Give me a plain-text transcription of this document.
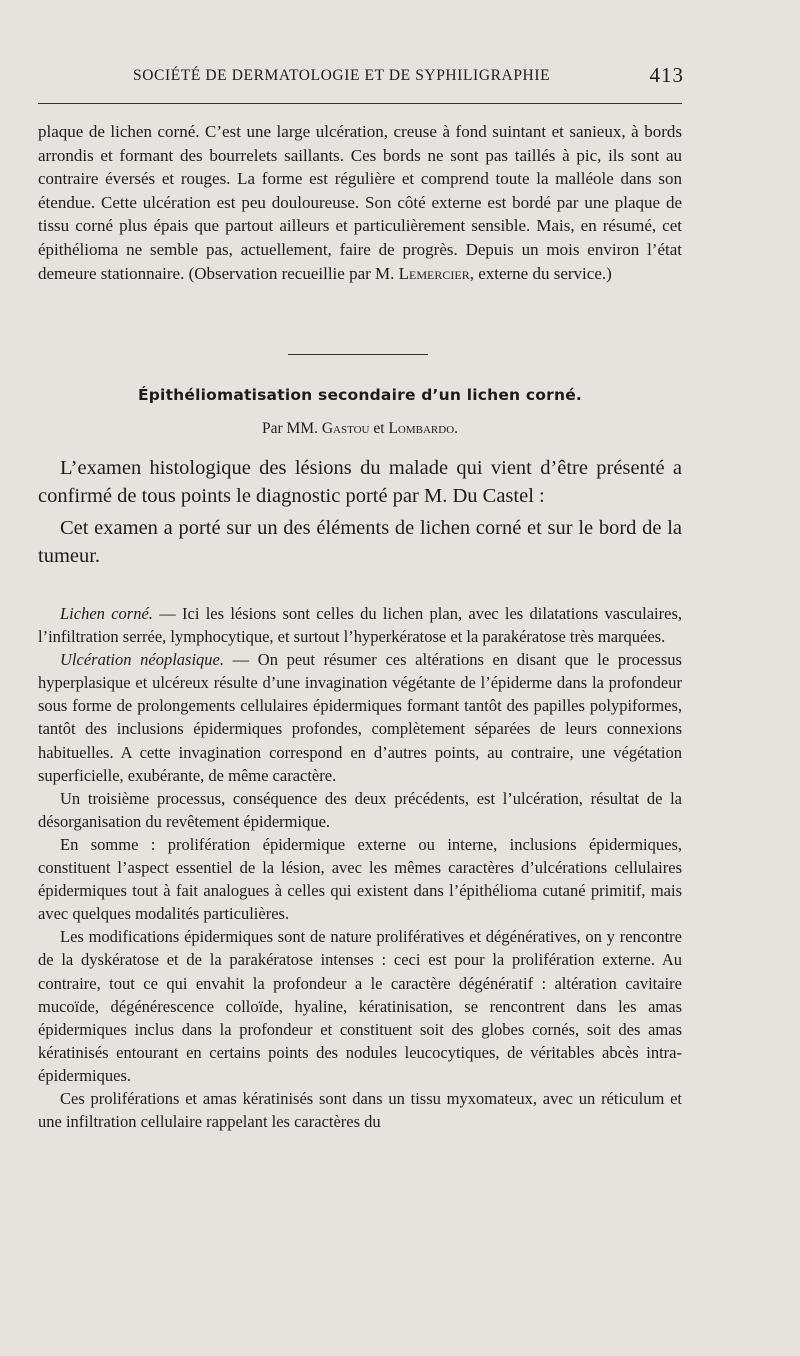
SOCIÉTÉ DE DERMATOLOGIE ET DE SYPHILIGRAPHIE	413

plaque de lichen corné. C’est une large ulcération, creuse à fond suintant et sanieux, à bords arrondis et formant des bourrelets saillants. Ces bords ne sont pas taillés à pic, ils sont au contraire éversés et rouges. La forme est régulière et comprend toute la malléole dans son étendue. Cette ulcération est peu douloureuse. Son côté externe est bordé par une plaque de tissu corné plus épais que partout ailleurs et particulièrement sensible. Mais, en résumé, cet épithélioma ne semble pas, actuellement, faire de progrès. Depuis un mois environ l’état demeure stationnaire. (Observation recueillie par M. Lemercier, externe du service.)

Épithéliomatisation secondaire d’un lichen corné.
Par MM. Gastou et Lombardo.

L’examen histologique des lésions du malade qui vient d’être présenté a confirmé de tous points le diagnostic porté par M. Du Castel :

Cet examen a porté sur un des éléments de lichen corné et sur le bord de la tumeur.

Lichen corné. — Ici les lésions sont celles du lichen plan, avec les dilatations vasculaires, l’infiltration serrée, lymphocytique, et surtout l’hyperkératose et la parakératose très marquées.

Ulcération néoplasique. — On peut résumer ces altérations en disant que le processus hyperplasique et ulcéreux résulte d’une invagination végétante de l’épiderme dans la profondeur sous forme de prolongements cellulaires épidermiques formant tantôt des papilles polypiformes, tantôt des inclusions épidermiques profondes, complètement séparées de leurs connexions habituelles. A cette invagination correspond en d’autres points, au contraire, une végétation superficielle, exubérante, de même caractère.

Un troisième processus, conséquence des deux précédents, est l’ulcération, résultat de la désorganisation du revêtement épidermique.

En somme : prolifération épidermique externe ou interne, inclusions épidermiques, constituent l’aspect essentiel de la lésion, avec les mêmes caractères d’ulcérations cellulaires épidermiques tout à fait analogues à celles qui existent dans l’épithélioma cutané primitif, mais avec quelques modalités particulières.

Les modifications épidermiques sont de nature prolifératives et dégénératives, on y rencontre de la dyskératose et de la parakératose intenses : ceci est pour la prolifération externe. Au contraire, tout ce qui envahit la profondeur a le caractère dégénératif : altération cavitaire mucoïde, dégénérescence colloïde, hyaline, kératinisation, se rencontrent dans les amas épidermiques inclus dans la profondeur et constituent soit des globes cornés, soit des amas kératinisés entourant en certains points des nodules leucocytiques, de véritables abcès intra-épidermiques.

Ces proliférations et amas kératinisés sont dans un tissu myxomateux, avec un réticulum et une infiltration cellulaire rappelant les caractères du
